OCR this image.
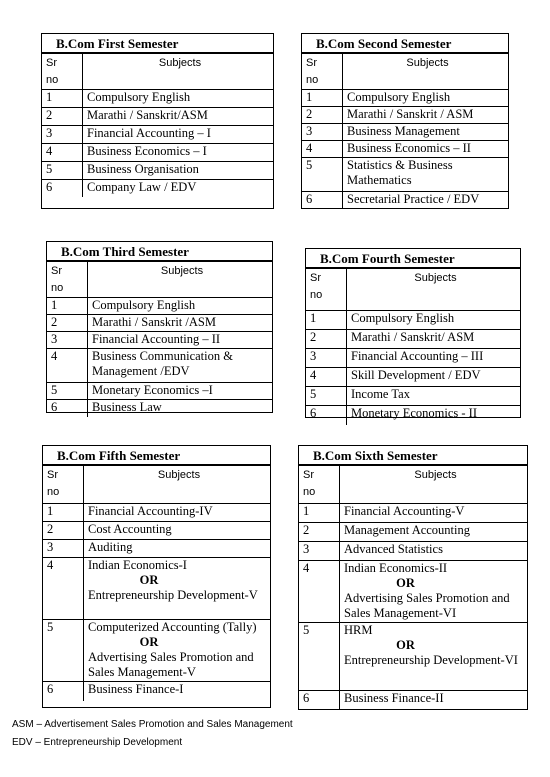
B.Com First Semester
Sr
no	Subjects
1	Compulsory English

2	Marathi / Sanskrit/ASM

3	Financial Accounting – I

4	Business Economics – I

5	Business Organisation

6	Company Law / EDV
B.Com Second Semester
Sr
no	Subjects
1	Compulsory English

2	Marathi / Sanskrit / ASM

3	Business Management

4	Business Economics – II

5	Statistics & Business
Mathematics

6	Secretarial Practice / EDV
B.Com Third Semester
Sr
no	Subjects
1	Compulsory English

2	Marathi / Sanskrit /ASM

3	Financial Accounting – II

4	Business Communication &
Management /EDV

5	Monetary Economics –I

6	Business Law
B.Com Fourth Semester
Sr
no	Subjects
1	Compulsory English

2	Marathi / Sanskrit/ ASM

3	Financial Accounting – III

4	Skill Development / EDV

5	Income Tax

6	Monetary Economics - II
B.Com Fifth Semester
Sr
no	Subjects
1	Financial Accounting-IV

2	Cost Accounting

3	Auditing

4	Indian Economics-I
OR
Entrepreneurship Development-V

5	Computerized Accounting (Tally)
OR
Advertising Sales Promotion and
Sales Management-V

6	Business Finance-I
B.Com Sixth Semester
Sr
no	Subjects
1	Financial Accounting-V

2	Management Accounting

3	Advanced Statistics

4	Indian Economics-II
OR
Advertising Sales Promotion and
Sales Management-VI

5	HRM
OR
Entrepreneurship Development-VI

6	Business Finance-II
ASM – Advertisement Sales Promotion and Sales Management
EDV – Entrepreneurship Development
